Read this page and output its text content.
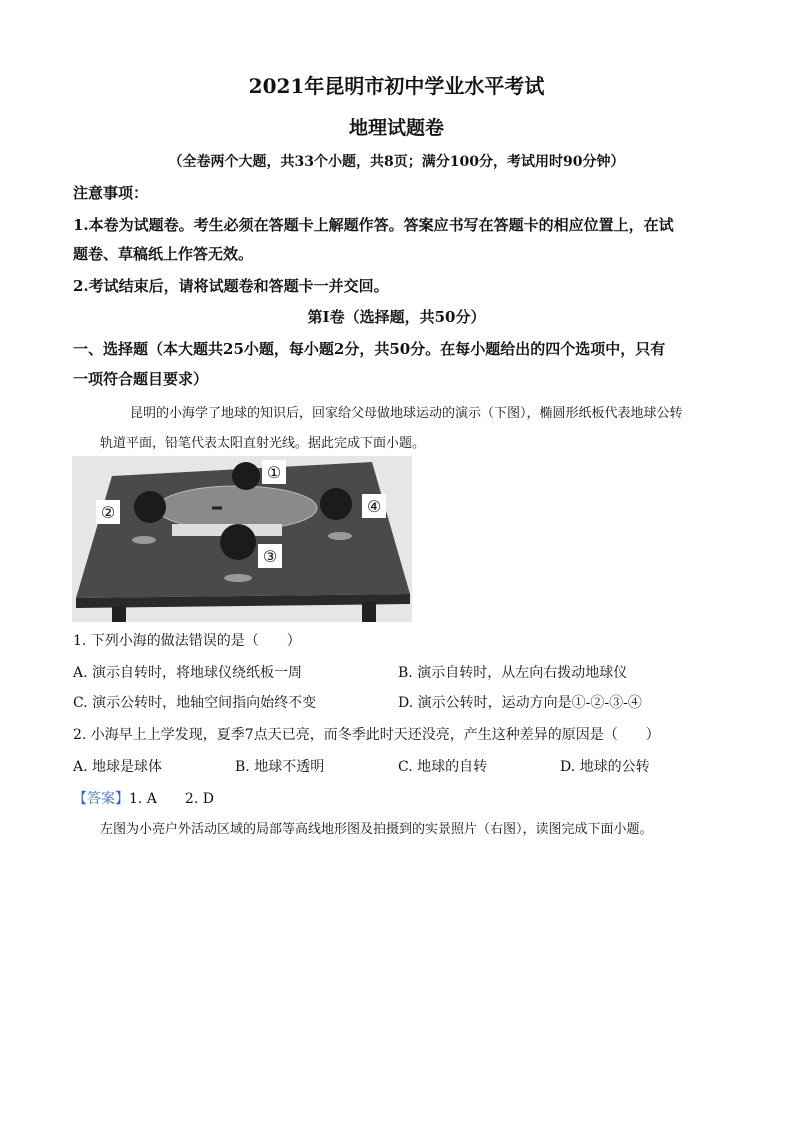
2021年昆明市初中学业水平考试
地理试题卷
（全卷两个大题，共33个小题，共8页；满分100分，考试用时90分钟）
注意事项：
1.本卷为试题卷。考生必须在答题卡上解题作答。答案应书写在答题卡的相应位置上，在试
题卷、草稿纸上作答无效。
2.考试结束后，请将试题卷和答题卡一并交回。
第Ⅰ卷（选择题，共50分）
一、选择题（本大题共25小题，每小题2分，共50分。在每小题给出的四个选项中，只有
一项符合题目要求）
昆明的小海学了地球的知识后，回家给父母做地球运动的演示（下图），椭圆形纸板代表地球公转
轨道平面，铅笔代表太阳直射光线。据此完成下面小题。
①
②
③
④
1. 下列小海的做法错误的是（　　）
A. 演示自转时，将地球仪绕纸板一周	B. 演示自转时，从左向右拨动地球仪
C. 演示公转时，地轴空间指向始终不变	D. 演示公转时，运动方向是①-②-③-④
2. 小海早上上学发现，夏季7点天已亮，而冬季此时天还没亮，产生这种差异的原因是（　　）
A. 地球是球体	B. 地球不透明	C. 地球的自转	D. 地球的公转
【答案】1. A　　2. D
左图为小亮户外活动区域的局部等高线地形图及拍摄到的实景照片（右图），读图完成下面小题。
